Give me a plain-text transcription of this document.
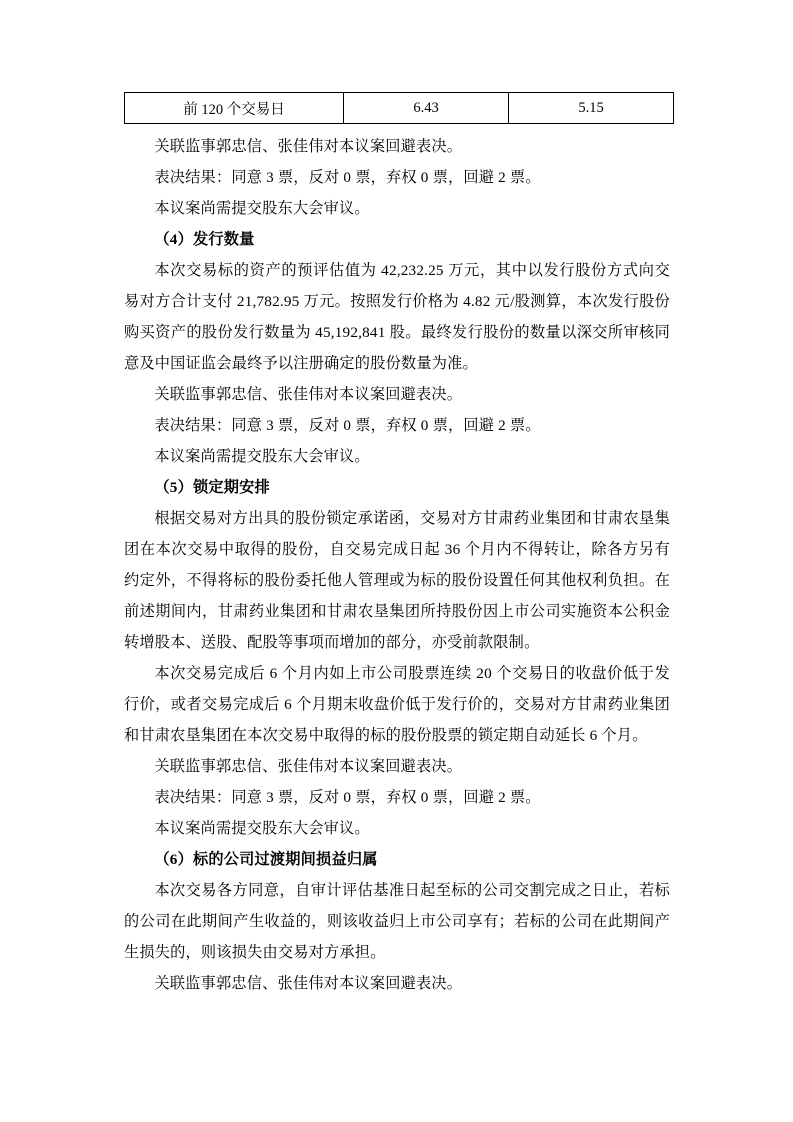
前 120 个交易日	6.43	5.15

关联监事郭忠信、张佳伟对本议案回避表决。

表决结果：同意 3 票，反对 0 票，弃权 0 票，回避 2 票。

本议案尚需提交股东大会审议。

（4）发行数量

本次交易标的资产的预评估值为 42,232.25 万元，其中以发行股份方式向交易对方合计支付 21,782.95 万元。按照发行价格为 4.82 元/股测算，本次发行股份购买资产的股份发行数量为 45,192,841 股。最终发行股份的数量以深交所审核同意及中国证监会最终予以注册确定的股份数量为准。

关联监事郭忠信、张佳伟对本议案回避表决。

表决结果：同意 3 票，反对 0 票，弃权 0 票，回避 2 票。

本议案尚需提交股东大会审议。

（5）锁定期安排

根据交易对方出具的股份锁定承诺函，交易对方甘肃药业集团和甘肃农垦集团在本次交易中取得的股份，自交易完成日起 36 个月内不得转让，除各方另有约定外，不得将标的股份委托他人管理或为标的股份设置任何其他权利负担。在前述期间内，甘肃药业集团和甘肃农垦集团所持股份因上市公司实施资本公积金转增股本、送股、配股等事项而增加的部分，亦受前款限制。

本次交易完成后 6 个月内如上市公司股票连续 20 个交易日的收盘价低于发行价，或者交易完成后 6 个月期末收盘价低于发行价的，交易对方甘肃药业集团和甘肃农垦集团在本次交易中取得的标的股份股票的锁定期自动延长 6 个月。

关联监事郭忠信、张佳伟对本议案回避表决。

表决结果：同意 3 票，反对 0 票，弃权 0 票，回避 2 票。

本议案尚需提交股东大会审议。

（6）标的公司过渡期间损益归属

本次交易各方同意，自审计评估基准日起至标的公司交割完成之日止，若标的公司在此期间产生收益的，则该收益归上市公司享有；若标的公司在此期间产生损失的，则该损失由交易对方承担。

关联监事郭忠信、张佳伟对本议案回避表决。
